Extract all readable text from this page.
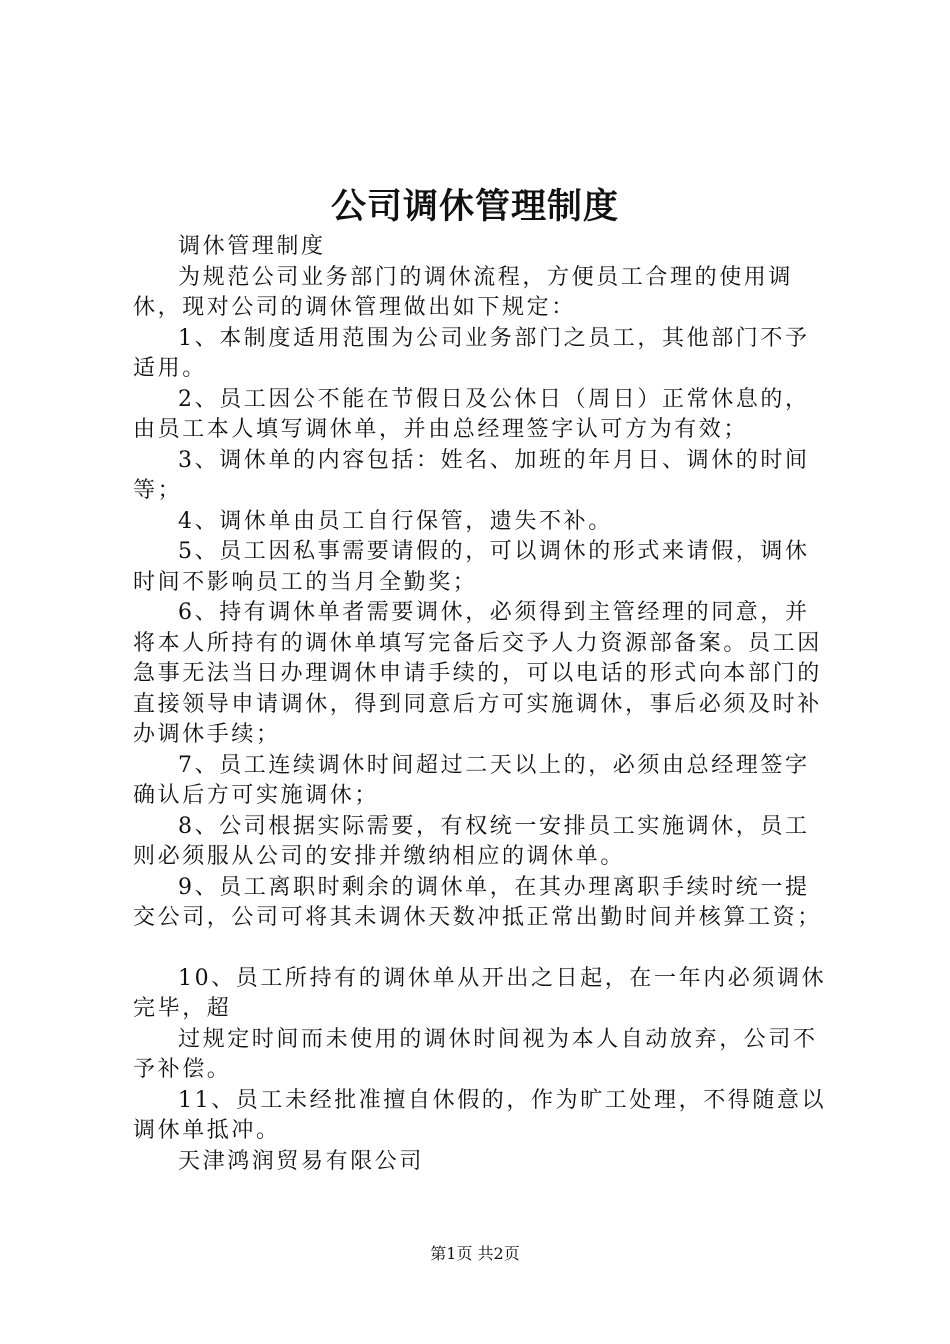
公司调休管理制度

调休管理制度

为规范公司业务部门的调休流程，方便员工合理的使用调休，现对公司的调休管理做出如下规定：

1、本制度适用范围为公司业务部门之员工，其他部门不予适用。

2、员工因公不能在节假日及公休日（周日）正常休息的，由员工本人填写调休单，并由总经理签字认可方为有效；

3、调休单的内容包括：姓名、加班的年月日、调休的时间等；

4、调休单由员工自行保管，遗失不补。

5、员工因私事需要请假的，可以调休的形式来请假，调休时间不影响员工的当月全勤奖；

6、持有调休单者需要调休，必须得到主管经理的同意，并将本人所持有的调休单填写完备后交予人力资源部备案。员工因急事无法当日办理调休申请手续的，可以电话的形式向本部门的直接领导申请调休，得到同意后方可实施调休，事后必须及时补办调休手续；

7、员工连续调休时间超过二天以上的，必须由总经理签字确认后方可实施调休；

8、公司根据实际需要，有权统一安排员工实施调休，员工则必须服从公司的安排并缴纳相应的调休单。

9、员工离职时剩余的调休单，在其办理离职手续时统一提交公司，公司可将其未调休天数冲抵正常出勤时间并核算工资；

10、员工所持有的调休单从开出之日起，在一年内必须调休完毕，超

过规定时间而未使用的调休时间视为本人自动放弃，公司不予补偿。

11、员工未经批准擅自休假的，作为旷工处理，不得随意以调休单抵冲。

天津鸿润贸易有限公司

第1页 共2页
